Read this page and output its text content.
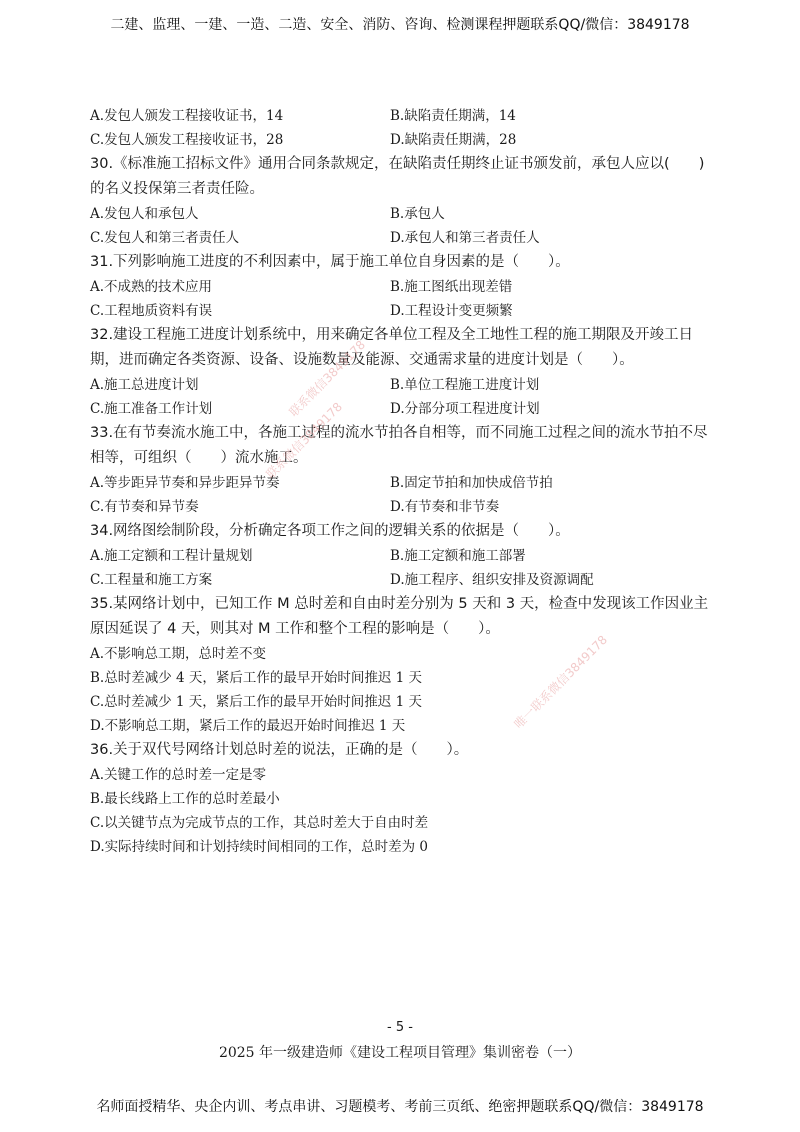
二建、监理、一建、一造、二造、安全、消防、咨询、检测课程押题联系QQ/微信：3849178
A.发包人颁发工程接收证书，14	B.缺陷责任期满，14
C.发包人颁发工程接收证书，28	D.缺陷责任期满，28
30.《标准施工招标文件》通用合同条款规定，在缺陷责任期终止证书颁发前，承包人应以(　　)的名义投保第三者责任险。
A.发包人和承包人	B.承包人
C.发包人和第三者责任人	D.承包人和第三者责任人
31.下列影响施工进度的不利因素中，属于施工单位自身因素的是（　　）。
A.不成熟的技术应用	B.施工图纸出现差错
C.工程地质资料有误	D.工程设计变更频繁
32.建设工程施工进度计划系统中，用来确定各单位工程及全工地性工程的施工期限及开竣工日期，进而确定各类资源、设备、设施数量及能源、交通需求量的进度计划是（　　）。
A.施工总进度计划	B.单位工程施工进度计划
C.施工准备工作计划	D.分部分项工程进度计划
33.在有节奏流水施工中，各施工过程的流水节拍各自相等，而不同施工过程之间的流水节拍不尽相等，可组织（　　）流水施工。
A.等步距异节奏和异步距异节奏	B.固定节拍和加快成倍节拍
C.有节奏和异节奏	D.有节奏和非节奏
34.网络图绘制阶段，分析确定各项工作之间的逻辑关系的依据是（　　）。
A.施工定额和工程计量规划	B.施工定额和施工部署
C.工程量和施工方案	D.施工程序、组织安排及资源调配
35.某网络计划中，已知工作 M 总时差和自由时差分别为 5 天和 3 天，检查中发现该工作因业主原因延误了 4 天，则其对 M 工作和整个工程的影响是（　　）。
A.不影响总工期，总时差不变
B.总时差减少 4 天，紧后工作的最早开始时间推迟 1 天
C.总时差减少 1 天，紧后工作的最早开始时间推迟 1 天
D.不影响总工期，紧后工作的最迟开始时间推迟 1 天
36.关于双代号网络计划总时差的说法，正确的是（　　）。
A.关键工作的总时差一定是零
B.最长线路上工作的总时差最小
C.以关键节点为完成节点的工作，其总时差大于自由时差
D.实际持续时间和计划持续时间相同的工作，总时差为 0
- 5 -
2025 年一级建造师《建设工程项目管理》集训密卷（一）
名师面授精华、央企内训、考点串讲、习题模考、考前三页纸、绝密押题联系QQ/微信：3849178
联系微信3849178
唯一联系微信3849178
联系微信3849178
